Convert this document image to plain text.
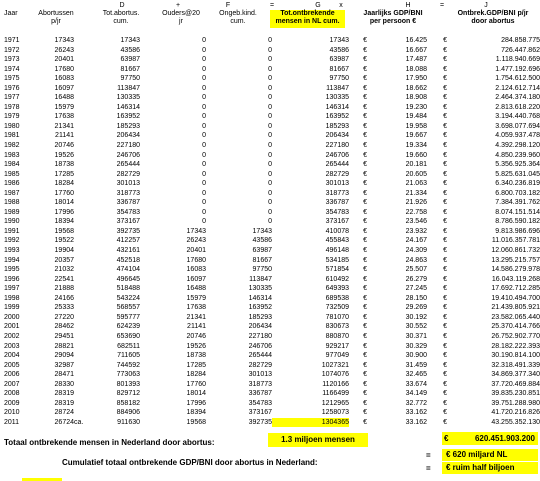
Jaar	Abortussen
p/jr
D
Tot.abortus.
cum.
+
Ouders@20
jr
F
Ongeb.kind.
cum.
=
Tot.ontbrekende
mensen in NL cum.
G	x	H
Jaarlijks GDP/BNI
per persoon €
=	J
Ontbrek.GDP/BNI p/jr
door abortus
	1971	17343	17343	0	0	17343	€	16.425	€	284.858.775
	1972	26243	43586	0	0	43586	€	16.667	€	726.447.862
	1973	20401	63987	0	0	63987	€	17.487	€	1.118.940.669
	1974	17680	81667	0	0	81667	€	18.088	€	1.477.192.696
	1975	16083	97750	0	0	97750	€	17.950	€	1.754.612.500
	1976	16097	113847	0	0	113847	€	18.662	€	2.124.612.714
	1977	16488	130335	0	0	130335	€	18.908	€	2.464.374.180
	1978	15979	146314	0	0	146314	€	19.230	€	2.813.618.220
	1979	17638	163952	0	0	163952	€	19.484	€	3.194.440.768
	1980	21341	185293	0	0	185293	€	19.958	€	3.698.077.694
	1981	21141	206434	0	0	206434	€	19.667	€	4.059.937.478
	1982	20746	227180	0	0	227180	€	19.334	€	4.392.298.120
	1983	19526	246706	0	0	246706	€	19.660	€	4.850.239.960
	1984	18738	265444	0	0	265444	€	20.181	€	5.356.925.364
	1985	17285	282729	0	0	282729	€	20.605	€	5.825.631.045
	1986	18284	301013	0	0	301013	€	21.063	€	6.340.236.819
	1987	17760	318773	0	0	318773	€	21.334	€	6.800.703.182
	1988	18014	336787	0	0	336787	€	21.926	€	7.384.391.762
	1989	17996	354783	0	0	354783	€	22.758	€	8.074.151.514
	1990	18394	373167	0	0	373167	€	23.546	€	8.786.590.182
	1991	19568	392735	17343	17343	410078	€	23.932	€	9.813.986.696
	1992	19522	412257	26243	43586	455843	€	24.167	€	11.016.357.781
	1993	19904	432161	20401	63987	496148	€	24.309	€	12.060.861.732
	1994	20357	452518	17680	81667	534185	€	24.863	€	13.295.215.757
	1995	21032	474104	16083	97750	571854	€	25.507	€	14.586.279.978
	1996	22541	496645	16097	113847	610492	€	26.279	€	16.043.119.268
	1997	21888	518488	16488	130335	649393	€	27.245	€	17.692.712.285
	1998	24166	543224	15979	146314	689538	€	28.150	€	19.410.494.700
	1999	25333	568557	17638	163952	732509	€	29.269	€	21.439.805.921
	2000	27220	595777	21341	185293	781070	€	30.192	€	23.582.065.440
	2001	28462	624239	21141	206434	830673	€	30.552	€	25.370.414.766
	2002	29451	653690	20746	227180	880870	€	30.371	€	26.752.902.770
	2003	28821	682511	19526	246706	929217	€	30.329	€	28.182.222.393
	2004	29094	711605	18738	265444	977049	€	30.900	€	30.190.814.100
	2005	32987	744592	17285	282729	1027321	€	31.459	€	32.318.491.339
	2006	28471	773063	18284	301013	1074076	€	32.465	€	34.869.377.340
	2007	28330	801393	17760	318773	1120166	€	33.674	€	37.720.469.884
	2008	28319	829712	18014	336787	1166499	€	34.149	€	39.835.230.851
	2009	28319	858182	17996	354783	1212965	€	32.772	€	39.751.288.980
	2010	28724	884906	18394	373167	1258073	€	33.162	€	41.720.216.826
	2011	26724 ca.	911630	19568	392735	1304365	€	33.162	€	43.255.352.130
Totaal ontbrekende mensen in Nederland door abortus:	1.3 miljoen mensen	€	620.451.903.200
Cumulatief totaal ontbrekende GDP/BNI door abortus in Nederland:
=	€ 620 miljard NL
=	€ ruim half biljoen
